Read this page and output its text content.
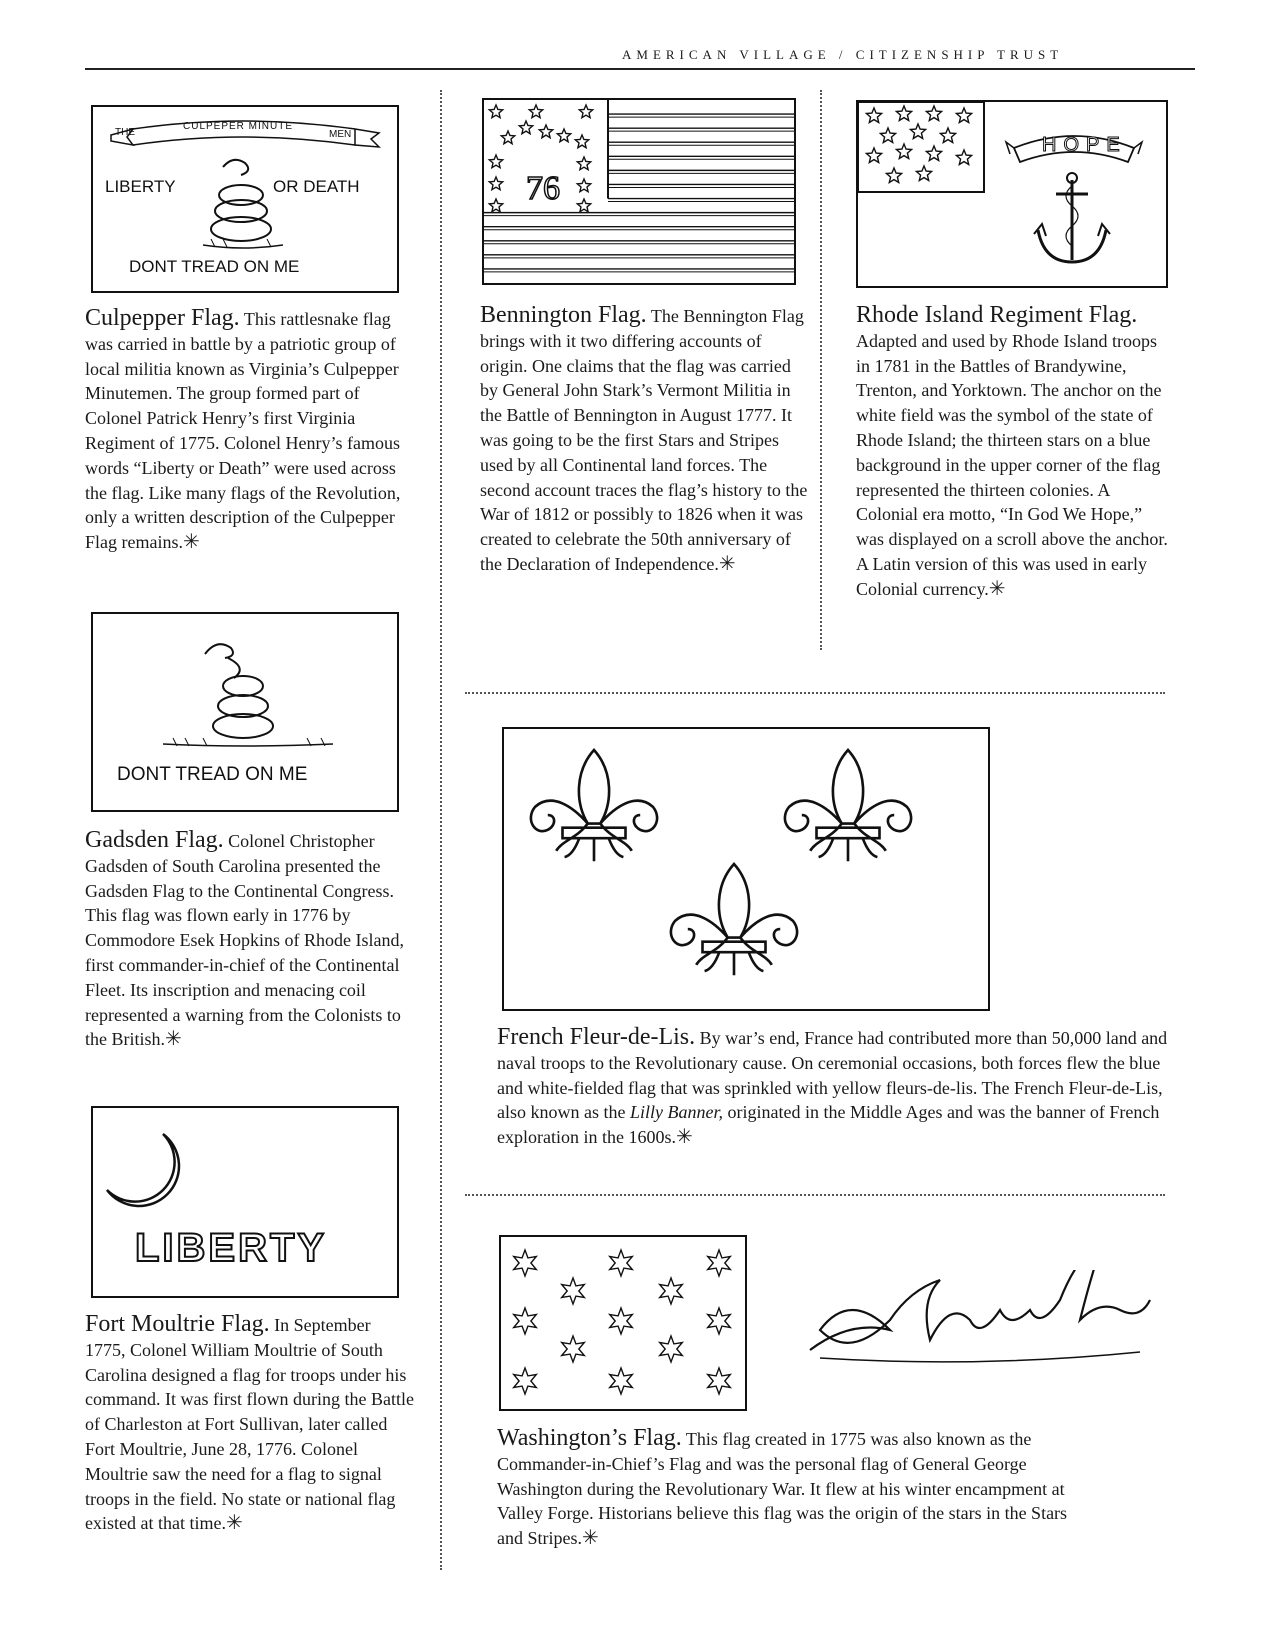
AMERICAN VILLAGE / CITIZENSHIP TRUST
THE
CULPEPER MINUTE
MEN
LIBERTY	OR DEATH
DONT TREAD ON ME
Culpepper Flag. This rattlesnake flag was carried in battle by a patriotic group of local militia known as Virginia’s Culpepper Minutemen. The group formed part of Colonel Patrick Henry’s first Virginia Regiment of 1775. Colonel Henry’s famous words “Liberty or Death” were used across the flag. Like many flags of the Revolution, only a written description of the Culpepper Flag remains.✳
DONT TREAD ON ME
Gadsden Flag. Colonel Christopher Gadsden of South Carolina presented the Gadsden Flag to the Continental Congress. This flag was flown early in 1776 by Commodore Esek Hopkins of Rhode Island, first commander-in-chief of the Continental Fleet. Its inscription and menacing coil represented a warning from the Colonists to the British.✳
LIBERTY
Fort Moultrie Flag. In September 1775, Colonel William Moultrie of South Carolina designed a flag for troops under his command. It was first flown during the Battle of Charleston at Fort Sullivan, later called Fort Moultrie, June 28, 1776. Colonel Moultrie saw the need for a flag to signal troops in the field. No state or national flag existed at that time.✳
76
Bennington Flag. The Bennington Flag brings with it two differing accounts of origin. One claims that the flag was carried by General John Stark’s Vermont Militia in the Battle of Bennington in August 1777. It was going to be the first Stars and Stripes used by all Continental land forces. The second account traces the flag’s history to the War of 1812 or possibly to 1826 when it was created to celebrate the 50th anniversary of the Declaration of Independence.✳
HOPE
Rhode Island Regiment Flag. Adapted and used by Rhode Island troops in 1781 in the Battles of Brandywine, Trenton, and Yorktown. The anchor on the white field was the symbol of the state of Rhode Island; the thirteen stars on a blue background in the upper corner of the flag represented the thirteen colonies. A Colonial era motto, “In God We Hope,” was displayed on a scroll above the anchor. A Latin version of this was used in early Colonial currency.✳
French Fleur-de-Lis. By war’s end, France had contributed more than 50,000 land and naval troops to the Revolutionary cause. On ceremonial occasions, both forces flew the blue and white-fielded flag that was sprinkled with yellow fleurs-de-lis. The French Fleur-de-Lis, also known as the Lilly Banner, originated in the Middle Ages and was the banner of French exploration in the 1600s.✳
G:Washington
Washington’s Flag. This flag created in 1775 was also known as the Commander-in-Chief’s Flag and was the personal flag of General George Washington during the Revolutionary War. It flew at his winter encampment at Valley Forge. Historians believe this flag was the origin of the stars in the Stars and Stripes.✳
